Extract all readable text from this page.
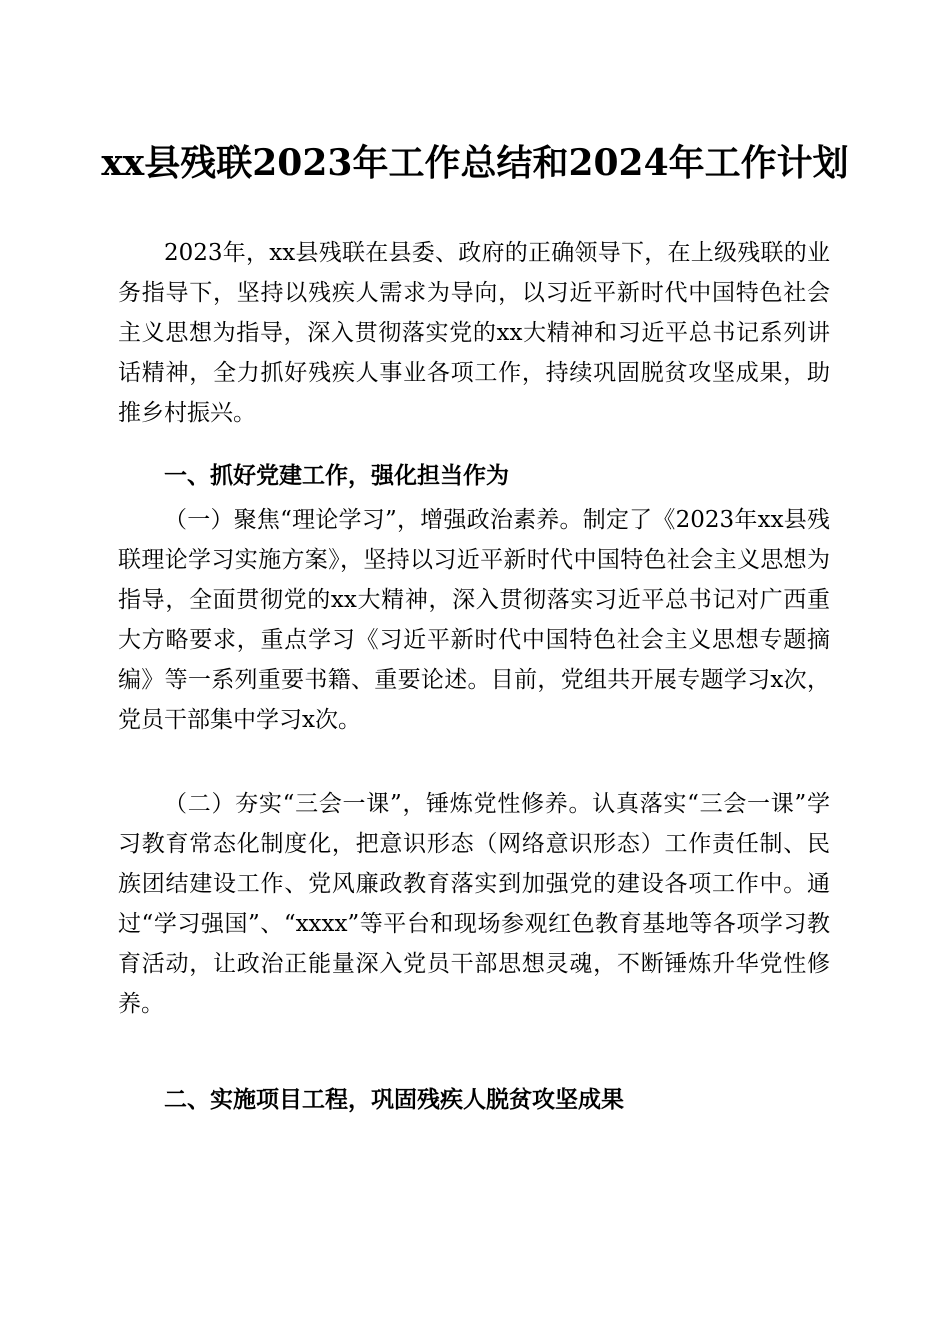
xx县残联2023年工作总结和2024年工作计划

2023年，xx县残联在县委、政府的正确领导下，在上级残联的业务指导下，坚持以残疾人需求为导向，以习近平新时代中国特色社会主义思想为指导，深入贯彻落实党的xx大精神和习近平总书记系列讲话精神，全力抓好残疾人事业各项工作，持续巩固脱贫攻坚成果，助推乡村振兴。

一、抓好党建工作，强化担当作为

（一）聚焦“理论学习”，增强政治素养。制定了《2023年xx县残联理论学习实施方案》，坚持以习近平新时代中国特色社会主义思想为指导，全面贯彻党的xx大精神，深入贯彻落实习近平总书记对广西重大方略要求，重点学习《习近平新时代中国特色社会主义思想专题摘编》等一系列重要书籍、重要论述。目前，党组共开展专题学习x次，党员干部集中学习x次。

（二）夯实“三会一课”，锤炼党性修养。认真落实“三会一课”学习教育常态化制度化，把意识形态（网络意识形态）工作责任制、民族团结建设工作、党风廉政教育落实到加强党的建设各项工作中。通过“学习强国”、“xxxx”等平台和现场参观红色教育基地等各项学习教育活动，让政治正能量深入党员干部思想灵魂，不断锤炼升华党性修养。

二、实施项目工程，巩固残疾人脱贫攻坚成果
